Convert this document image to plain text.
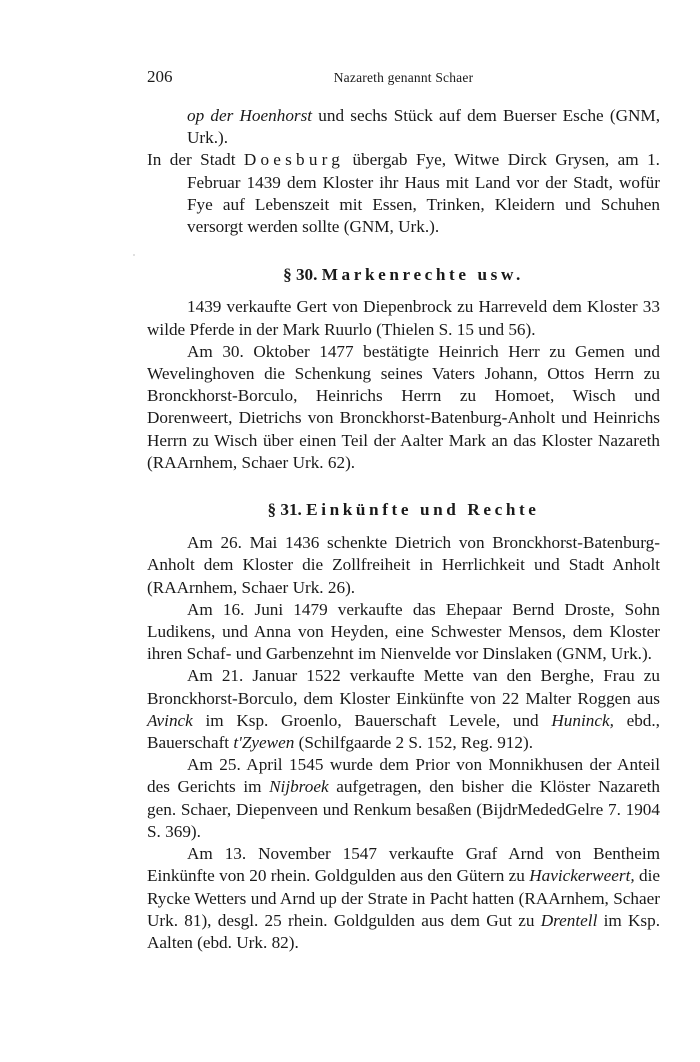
206	Nazareth genannt Schaer

op der Hoenhorst und sechs Stück auf dem Buerser Esche (GNM, Urk.).

In der Stadt Doesburg übergab Fye, Witwe Dirck Grysen, am 1. Februar 1439 dem Kloster ihr Haus mit Land vor der Stadt, wofür Fye auf Lebenszeit mit Essen, Trinken, Kleidern und Schuhen versorgt werden sollte (GNM, Urk.).

§ 30. Markenrechte usw.

1439 verkaufte Gert von Diepenbrock zu Harreveld dem Kloster 33 wilde Pferde in der Mark Ruurlo (Thielen S. 15 und 56).

Am 30. Oktober 1477 bestätigte Heinrich Herr zu Gemen und Wevelinghoven die Schenkung seines Vaters Johann, Ottos Herrn zu Bronckhorst-Borculo, Heinrichs Herrn zu Homoet, Wisch und Dorenweert, Dietrichs von Bronckhorst-Batenburg-Anholt und Heinrichs Herrn zu Wisch über einen Teil der Aalter Mark an das Kloster Nazareth (RAArnhem, Schaer Urk. 62).

§ 31. Einkünfte und Rechte

Am 26. Mai 1436 schenkte Dietrich von Bronckhorst-Batenburg-Anholt dem Kloster die Zollfreiheit in Herrlichkeit und Stadt Anholt (RAArnhem, Schaer Urk. 26).

Am 16. Juni 1479 verkaufte das Ehepaar Bernd Droste, Sohn Ludikens, und Anna von Heyden, eine Schwester Mensos, dem Kloster ihren Schaf- und Garbenzehnt im Nienvelde vor Dinslaken (GNM, Urk.).

Am 21. Januar 1522 verkaufte Mette van den Berghe, Frau zu Bronckhorst-Borculo, dem Kloster Einkünfte von 22 Malter Roggen aus Avinck im Ksp. Groenlo, Bauerschaft Levele, und Huninck, ebd., Bauerschaft t'Zyewen (Schilfgaarde 2 S. 152, Reg. 912).

Am 25. April 1545 wurde dem Prior von Monnikhusen der Anteil des Gerichts im Nijbroek aufgetragen, den bisher die Klöster Nazareth gen. Schaer, Diepenveen und Renkum besaßen (BijdrMededGelre 7. 1904 S. 369).

Am 13. November 1547 verkaufte Graf Arnd von Bentheim Einkünfte von 20 rhein. Goldgulden aus den Gütern zu Havickerweert, die Rycke Wetters und Arnd up der Strate in Pacht hatten (RAArnhem, Schaer Urk. 81), desgl. 25 rhein. Goldgulden aus dem Gut zu Drentell im Ksp. Aalten (ebd. Urk. 82).
